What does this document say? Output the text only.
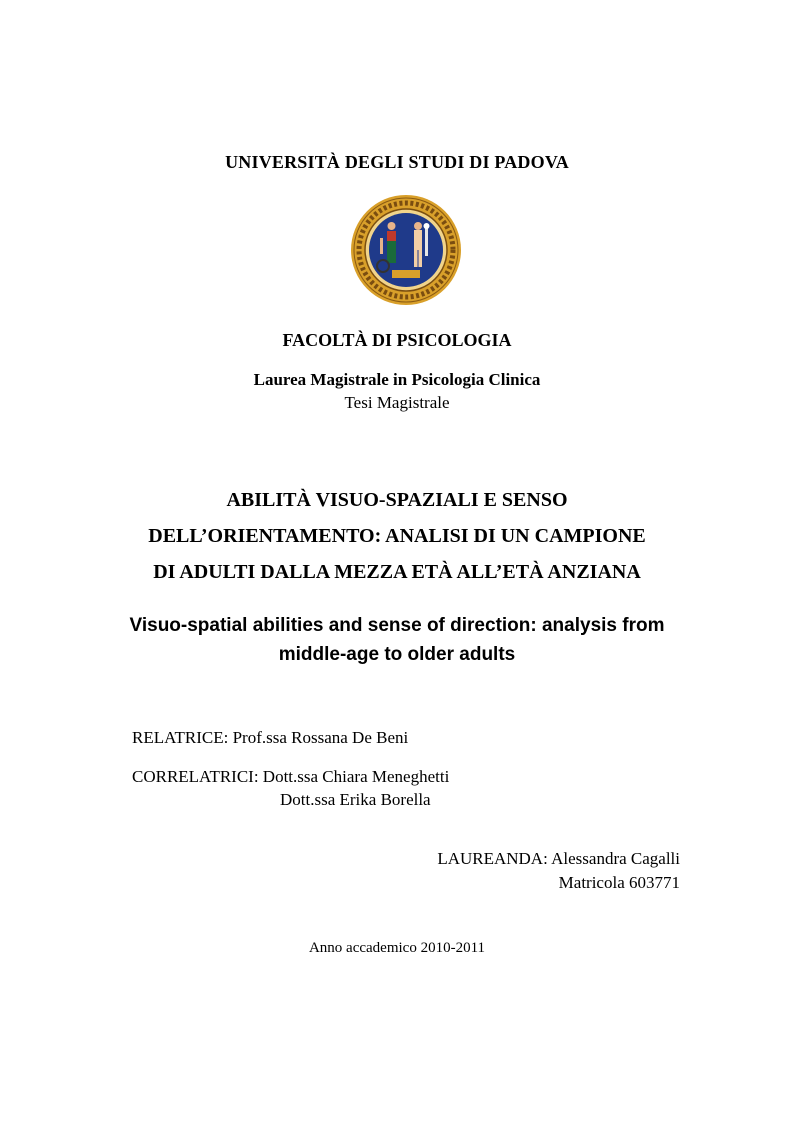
UNIVERSITÀ DEGLI STUDI DI PADOVA
FACOLTÀ DI PSICOLOGIA
Laurea Magistrale in Psicologia Clinica
Tesi Magistrale
ABILITÀ VISUO-SPAZIALI E SENSO
DELL’ORIENTAMENTO: ANALISI DI UN CAMPIONE
DI ADULTI DALLA MEZZA ETÀ ALL’ETÀ ANZIANA
Visuo-spatial abilities and sense of direction: analysis from
middle-age to older adults
RELATRICE: Prof.ssa Rossana De Beni
CORRELATRICI: Dott.ssa Chiara Meneghetti
Dott.ssa Erika Borella
LAUREANDA: Alessandra Cagalli
Matricola 603771
Anno accademico 2010-2011
